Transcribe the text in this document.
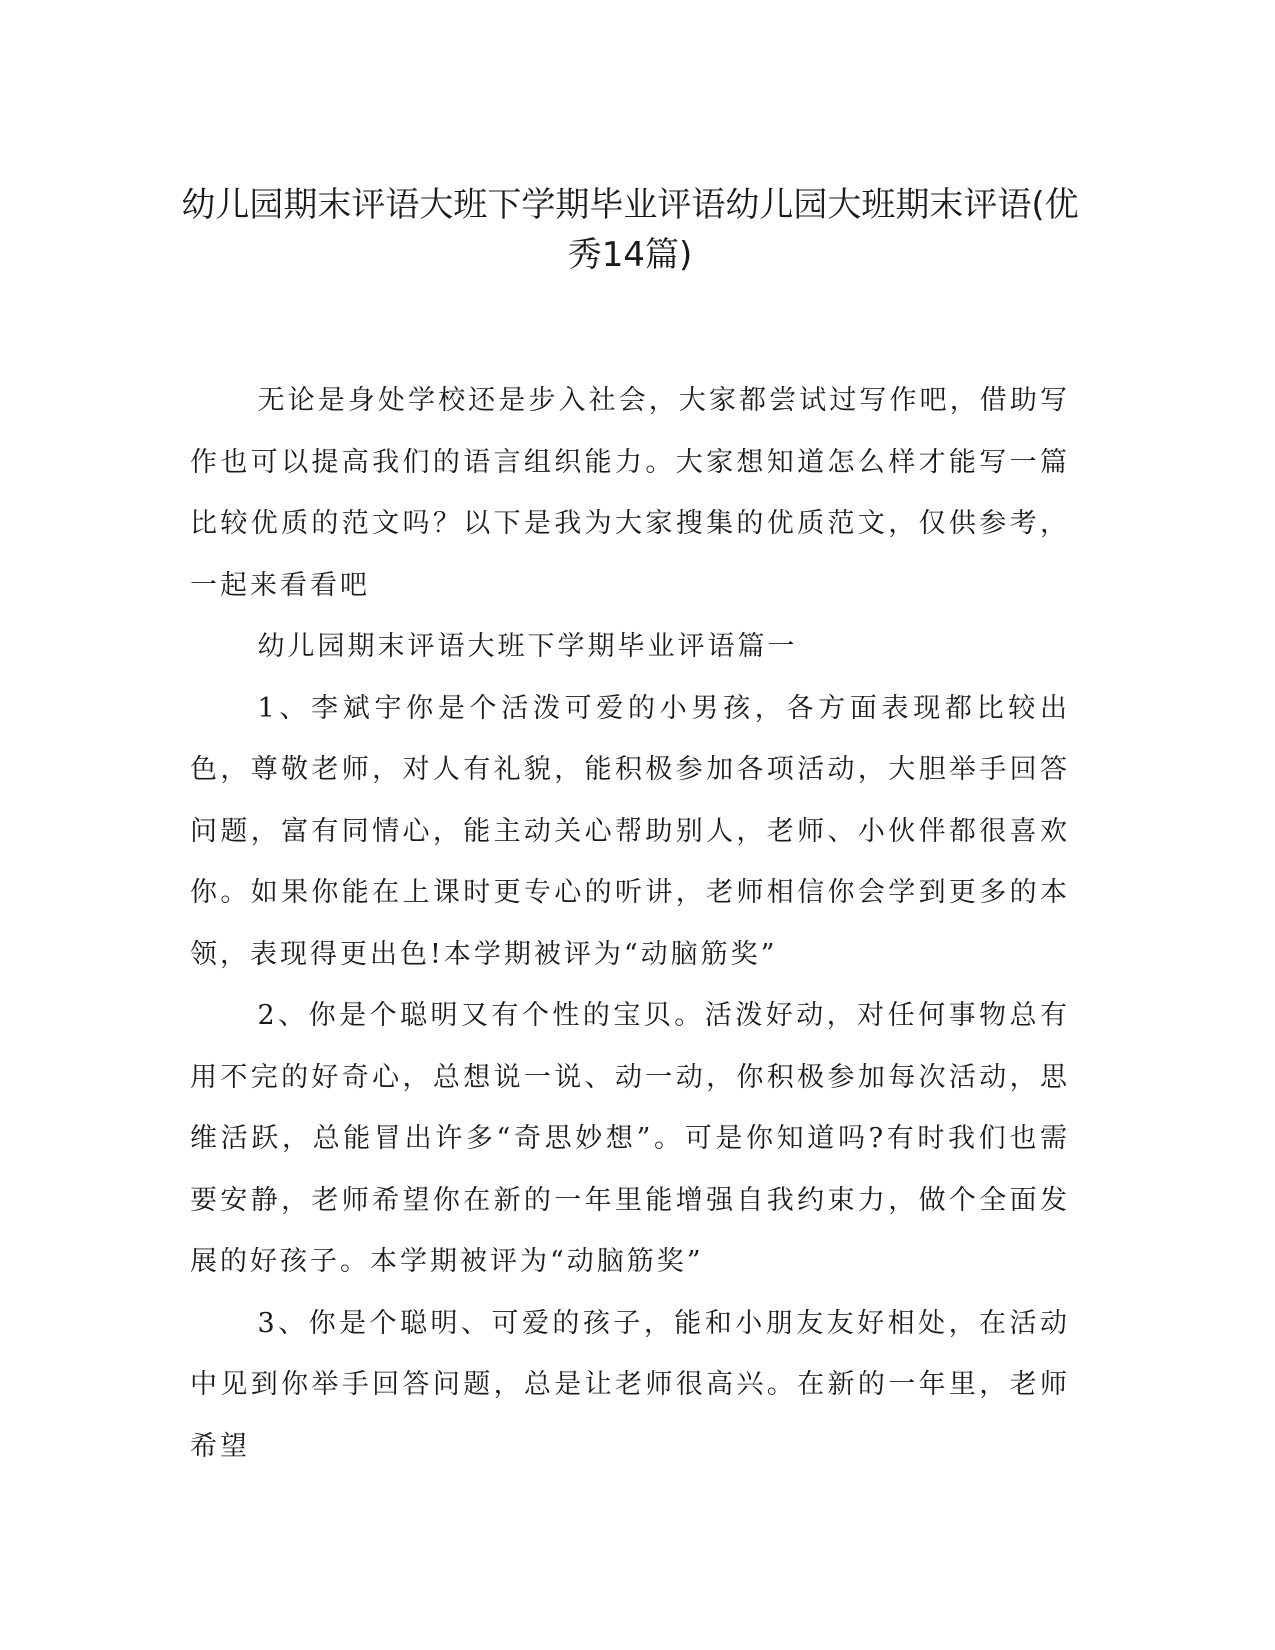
幼儿园期末评语大班下学期毕业评语幼儿园大班期末评语(优秀14篇)

无论是身处学校还是步入社会，大家都尝试过写作吧，借助写作也可以提高我们的语言组织能力。大家想知道怎么样才能写一篇比较优质的范文吗？以下是我为大家搜集的优质范文，仅供参考，一起来看看吧

幼儿园期末评语大班下学期毕业评语篇一

1、李斌宇你是个活泼可爱的小男孩，各方面表现都比较出色，尊敬老师，对人有礼貌，能积极参加各项活动，大胆举手回答问题，富有同情心，能主动关心帮助别人，老师、小伙伴都很喜欢你。如果你能在上课时更专心的听讲，老师相信你会学到更多的本领，表现得更出色!本学期被评为“动脑筋奖”

2、你是个聪明又有个性的宝贝。活泼好动，对任何事物总有用不完的好奇心，总想说一说、动一动，你积极参加每次活动，思维活跃，总能冒出许多“奇思妙想”。可是你知道吗?有时我们也需要安静，老师希望你在新的一年里能增强自我约束力，做个全面发展的好孩子。本学期被评为“动脑筋奖”

3、你是个聪明、可爱的孩子，能和小朋友友好相处，在活动中见到你举手回答问题，总是让老师很高兴。在新的一年里，老师希望
